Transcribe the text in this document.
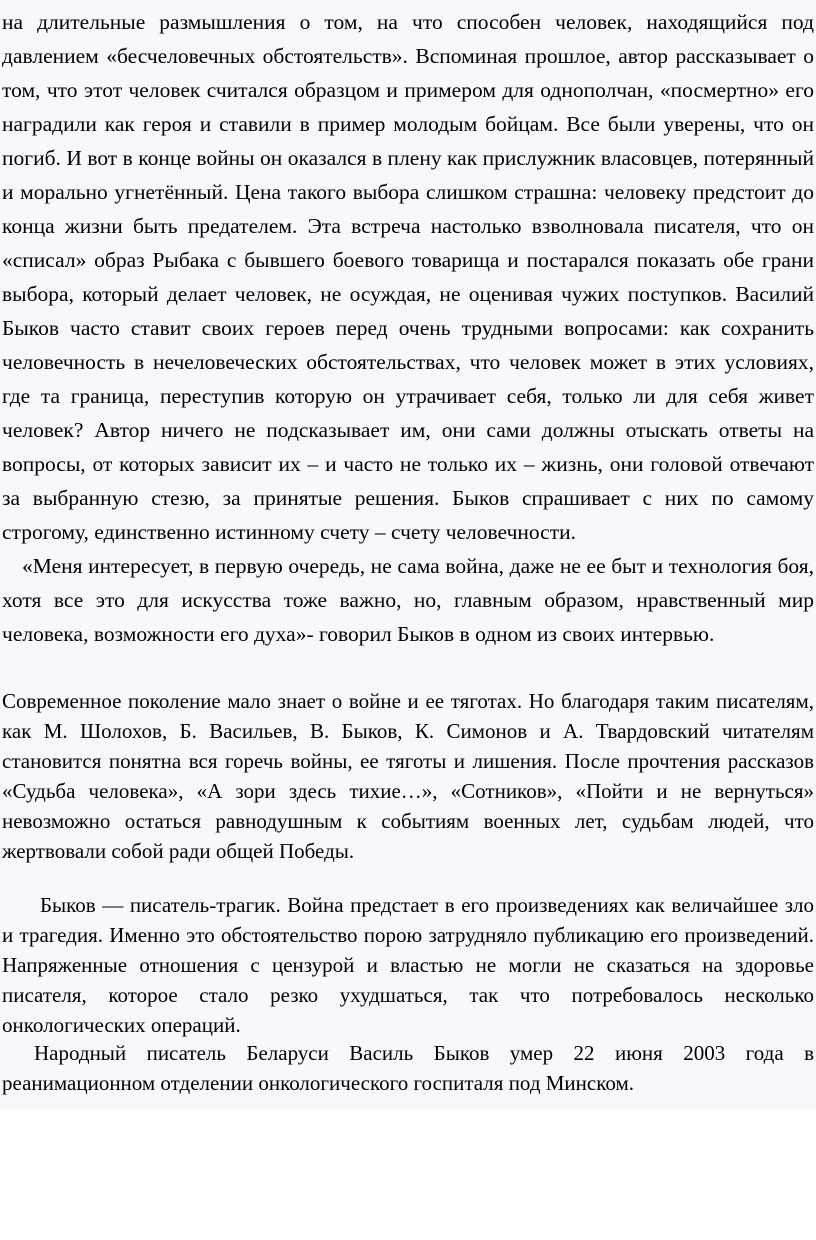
на длительные размышления о том, на что способен человек, находящийся под давлением «бесчеловечных обстоятельств». Вспоминая прошлое, автор рассказывает о том, что этот человек считался образцом и примером для однополчан, «посмертно» его наградили как героя и ставили в пример молодым бойцам. Все были уверены, что он погиб. И вот в конце войны он оказался в плену как прислужник власовцев, потерянный и морально угнетённый. Цена такого выбора слишком страшна: человеку предстоит до конца жизни быть предателем. Эта встреча настолько взволновала писателя, что он «списал» образ Рыбака с бывшего боевого товарища и постарался показать обе грани выбора, который делает человек, не осуждая, не оценивая чужих поступков. Василий Быков часто ставит своих героев перед очень трудными вопросами: как сохранить человечность в нечеловеческих обстоятельствах, что человек может в этих условиях, где та граница, переступив которую он утрачивает себя, только ли для себя живет человек? Автор ничего не подсказывает им, они сами должны отыскать ответы на вопросы, от которых зависит их – и часто не только их – жизнь, они головой отвечают за выбранную стезю, за принятые решения. Быков спрашивает с них по самому строгому, единственно истинному счету – счету человечности.
«Меня интересует, в первую очередь, не сама война, даже не ее быт и технология боя, хотя все это для искусства тоже важно, но, главным образом, нравственный мир человека, возможности его духа»- говорил Быков в одном из своих интервью.

Современное поколение мало знает о войне и ее тяготах. Но благодаря таким писателям, как М. Шолохов, Б. Васильев, В. Быков, К. Симонов и А. Твардовский читателям становится понятна вся горечь войны, ее тяготы и лишения. После прочтения рассказов «Судьба человека», «А зори здесь тихие…», «Сотников», «Пойти и не вернуться» невозможно остаться равнодушным к событиям военных лет, судьбам людей, что жертвовали собой ради общей Победы.

Быков — писатель-трагик. Война предстает в его произведениях как величайшее зло и трагедия. Именно это обстоятельство порою затрудняло публикацию его произведений. Напряженные отношения с цензурой и властью не могли не сказаться на здоровье писателя, которое стало резко ухудшаться, так что потребовалось несколько онкологических операций.

Народный писатель Беларуси Василь Быков умер 22 июня 2003 года в реанимационном отделении онкологического госпиталя под Минском.
